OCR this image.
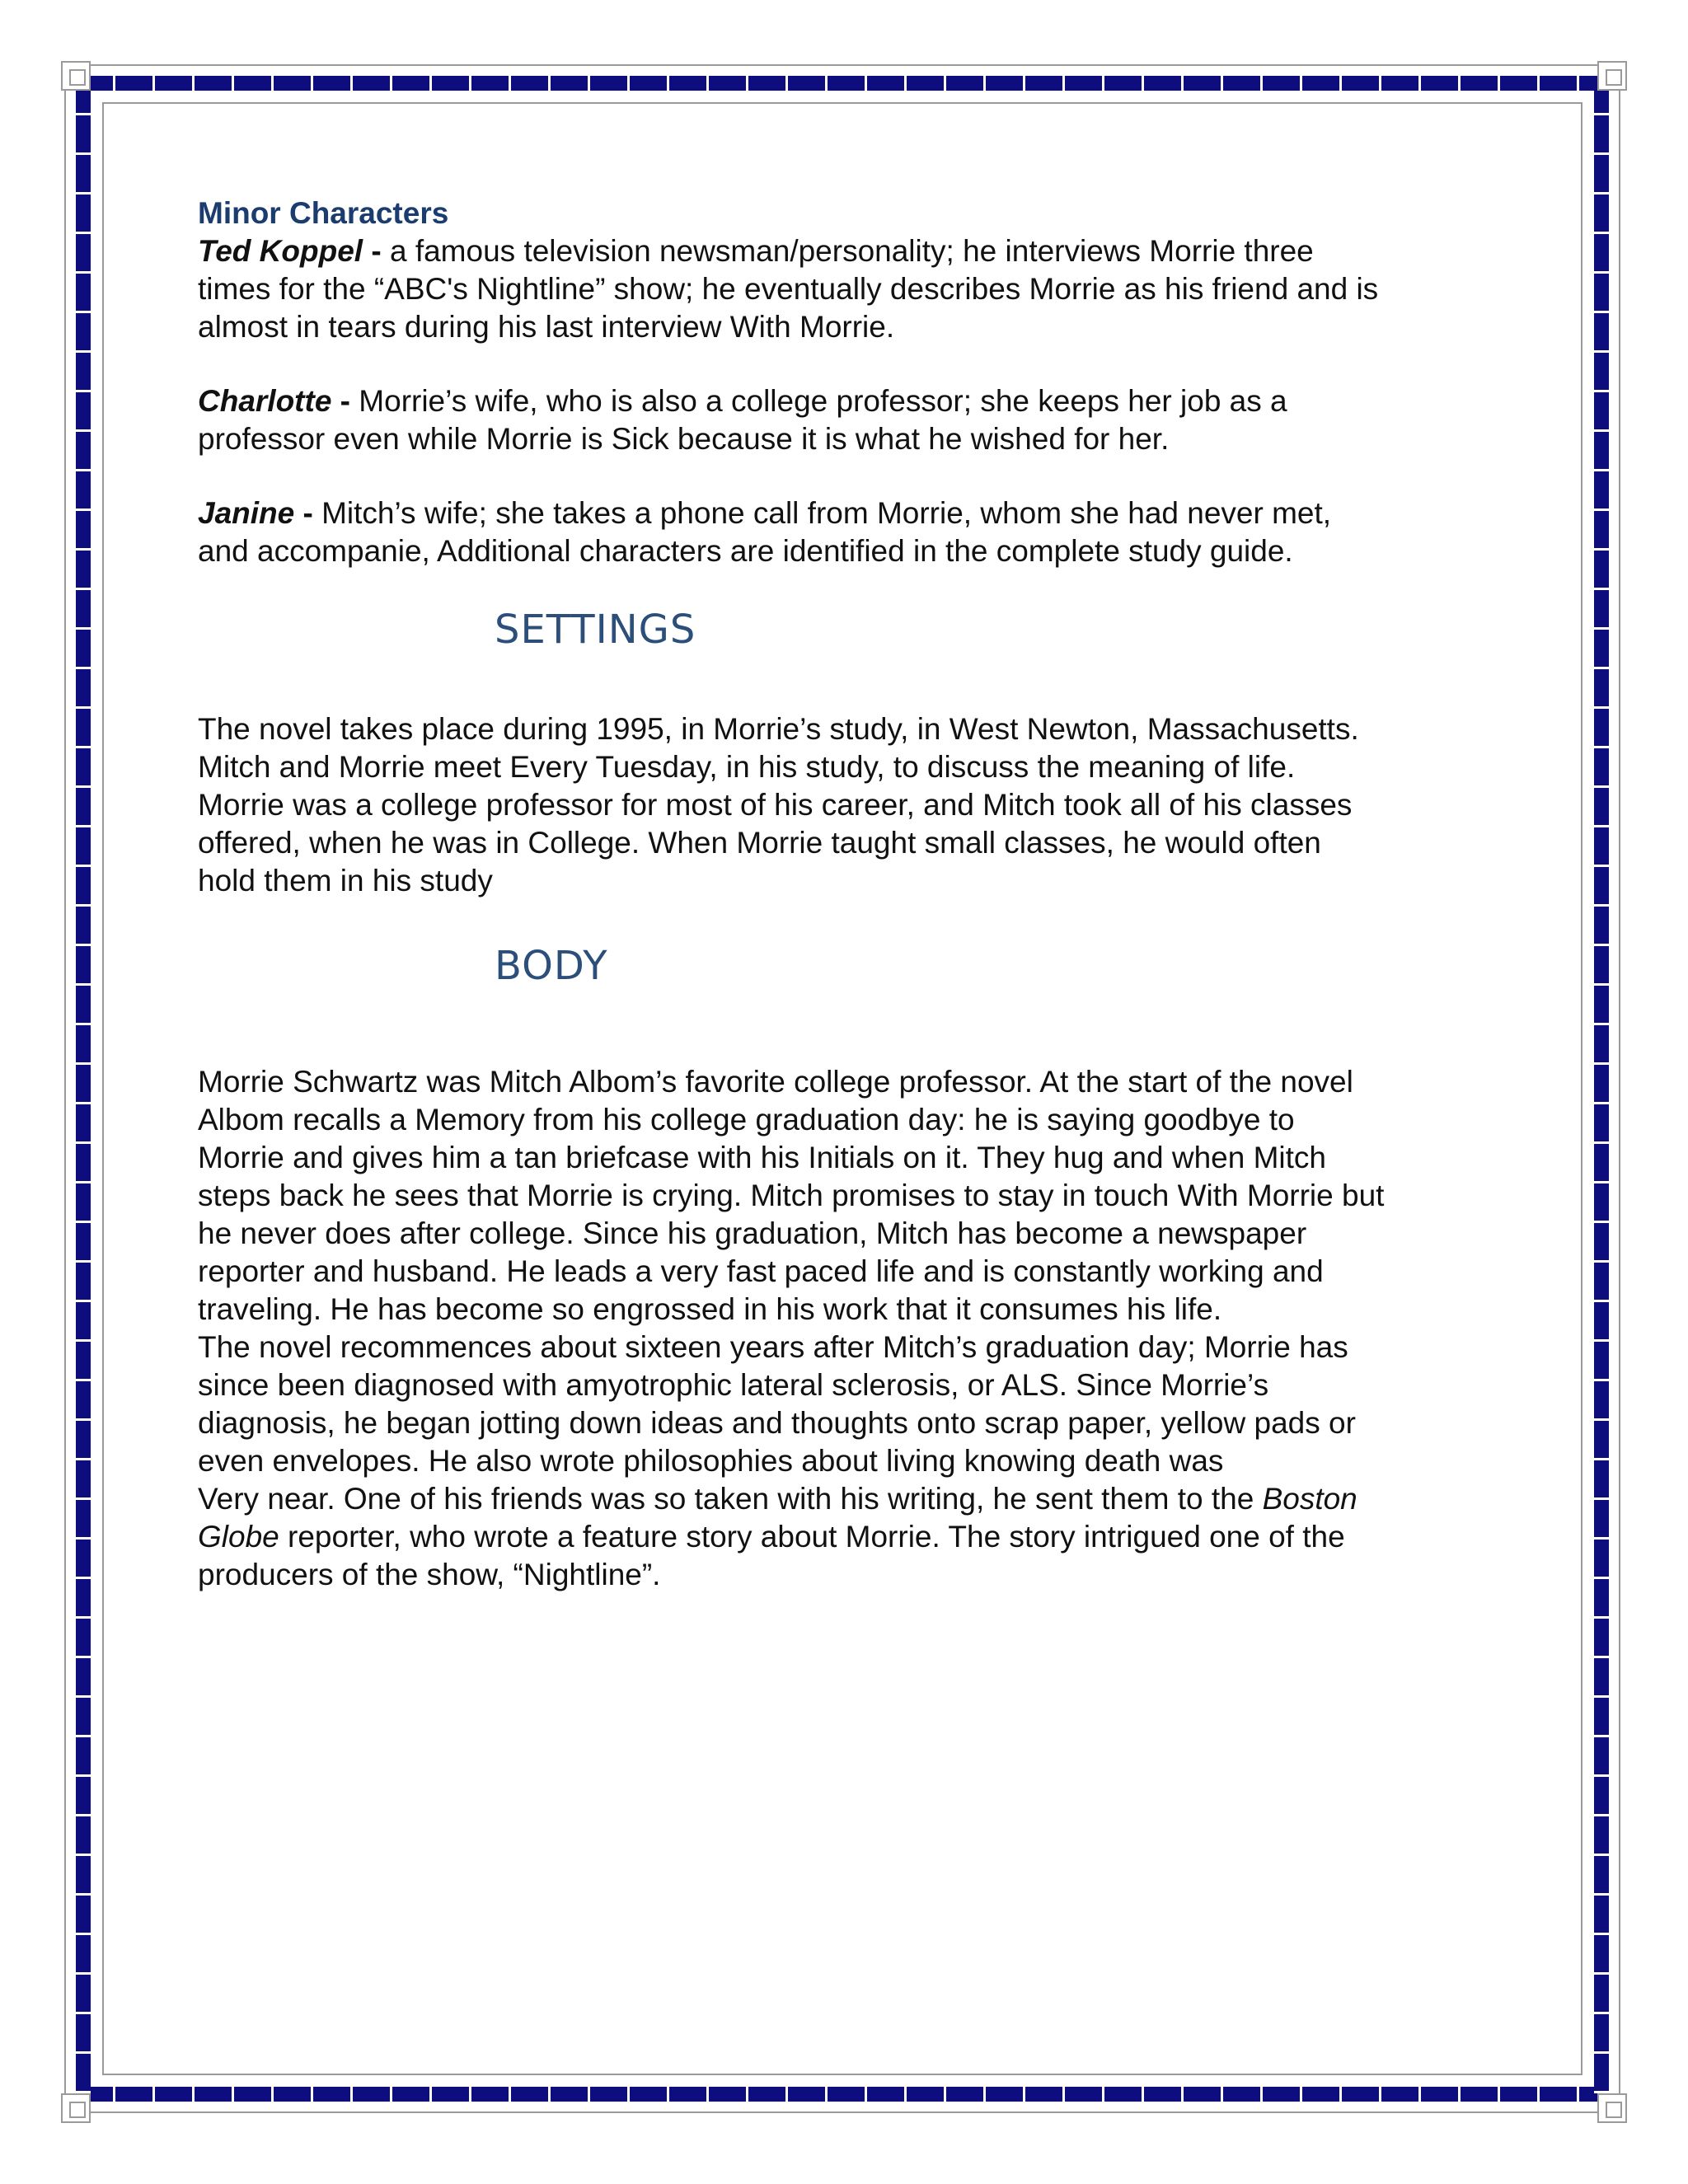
Minor Characters
Ted Koppel - a famous television newsman/personality; he interviews Morrie three
times for the “ABC's Nightline” show; he eventually describes Morrie as his friend and is
almost in tears during his last interview With Morrie.
Charlotte - Morrie’s wife, who is also a college professor; she keeps her job as a
professor even while Morrie is Sick because it is what he wished for her.
Janine - Mitch’s wife; she takes a phone call from Morrie, whom she had never met,
and accompanie, Additional characters are identified in the complete study guide.
SETTINGS
The novel takes place during 1995, in Morrie’s study, in West Newton, Massachusetts.
Mitch and Morrie meet Every Tuesday, in his study, to discuss the meaning of life.
Morrie was a college professor for most of his career, and Mitch took all of his classes
offered, when he was in College. When Morrie taught small classes, he would often
hold them in his study
BODY
Morrie Schwartz was Mitch Albom’s favorite college professor. At the start of the novel
Albom recalls a Memory from his college graduation day: he is saying goodbye to
Morrie and gives him a tan briefcase with his Initials on it. They hug and when Mitch
steps back he sees that Morrie is crying. Mitch promises to stay in touch With Morrie but
he never does after college. Since his graduation, Mitch has become a newspaper
reporter and husband. He leads a very fast paced life and is constantly working and
traveling. He has become so engrossed in his work that it consumes his life.
The novel recommences about sixteen years after Mitch’s graduation day; Morrie has
since been diagnosed with amyotrophic lateral sclerosis, or ALS. Since Morrie’s
diagnosis, he began jotting down ideas and thoughts onto scrap paper, yellow pads or
even envelopes. He also wrote philosophies about living knowing death was
Very near. One of his friends was so taken with his writing, he sent them to the Boston
Globe reporter, who wrote a feature story about Morrie. The story intrigued one of the
producers of the show, “Nightline”.
